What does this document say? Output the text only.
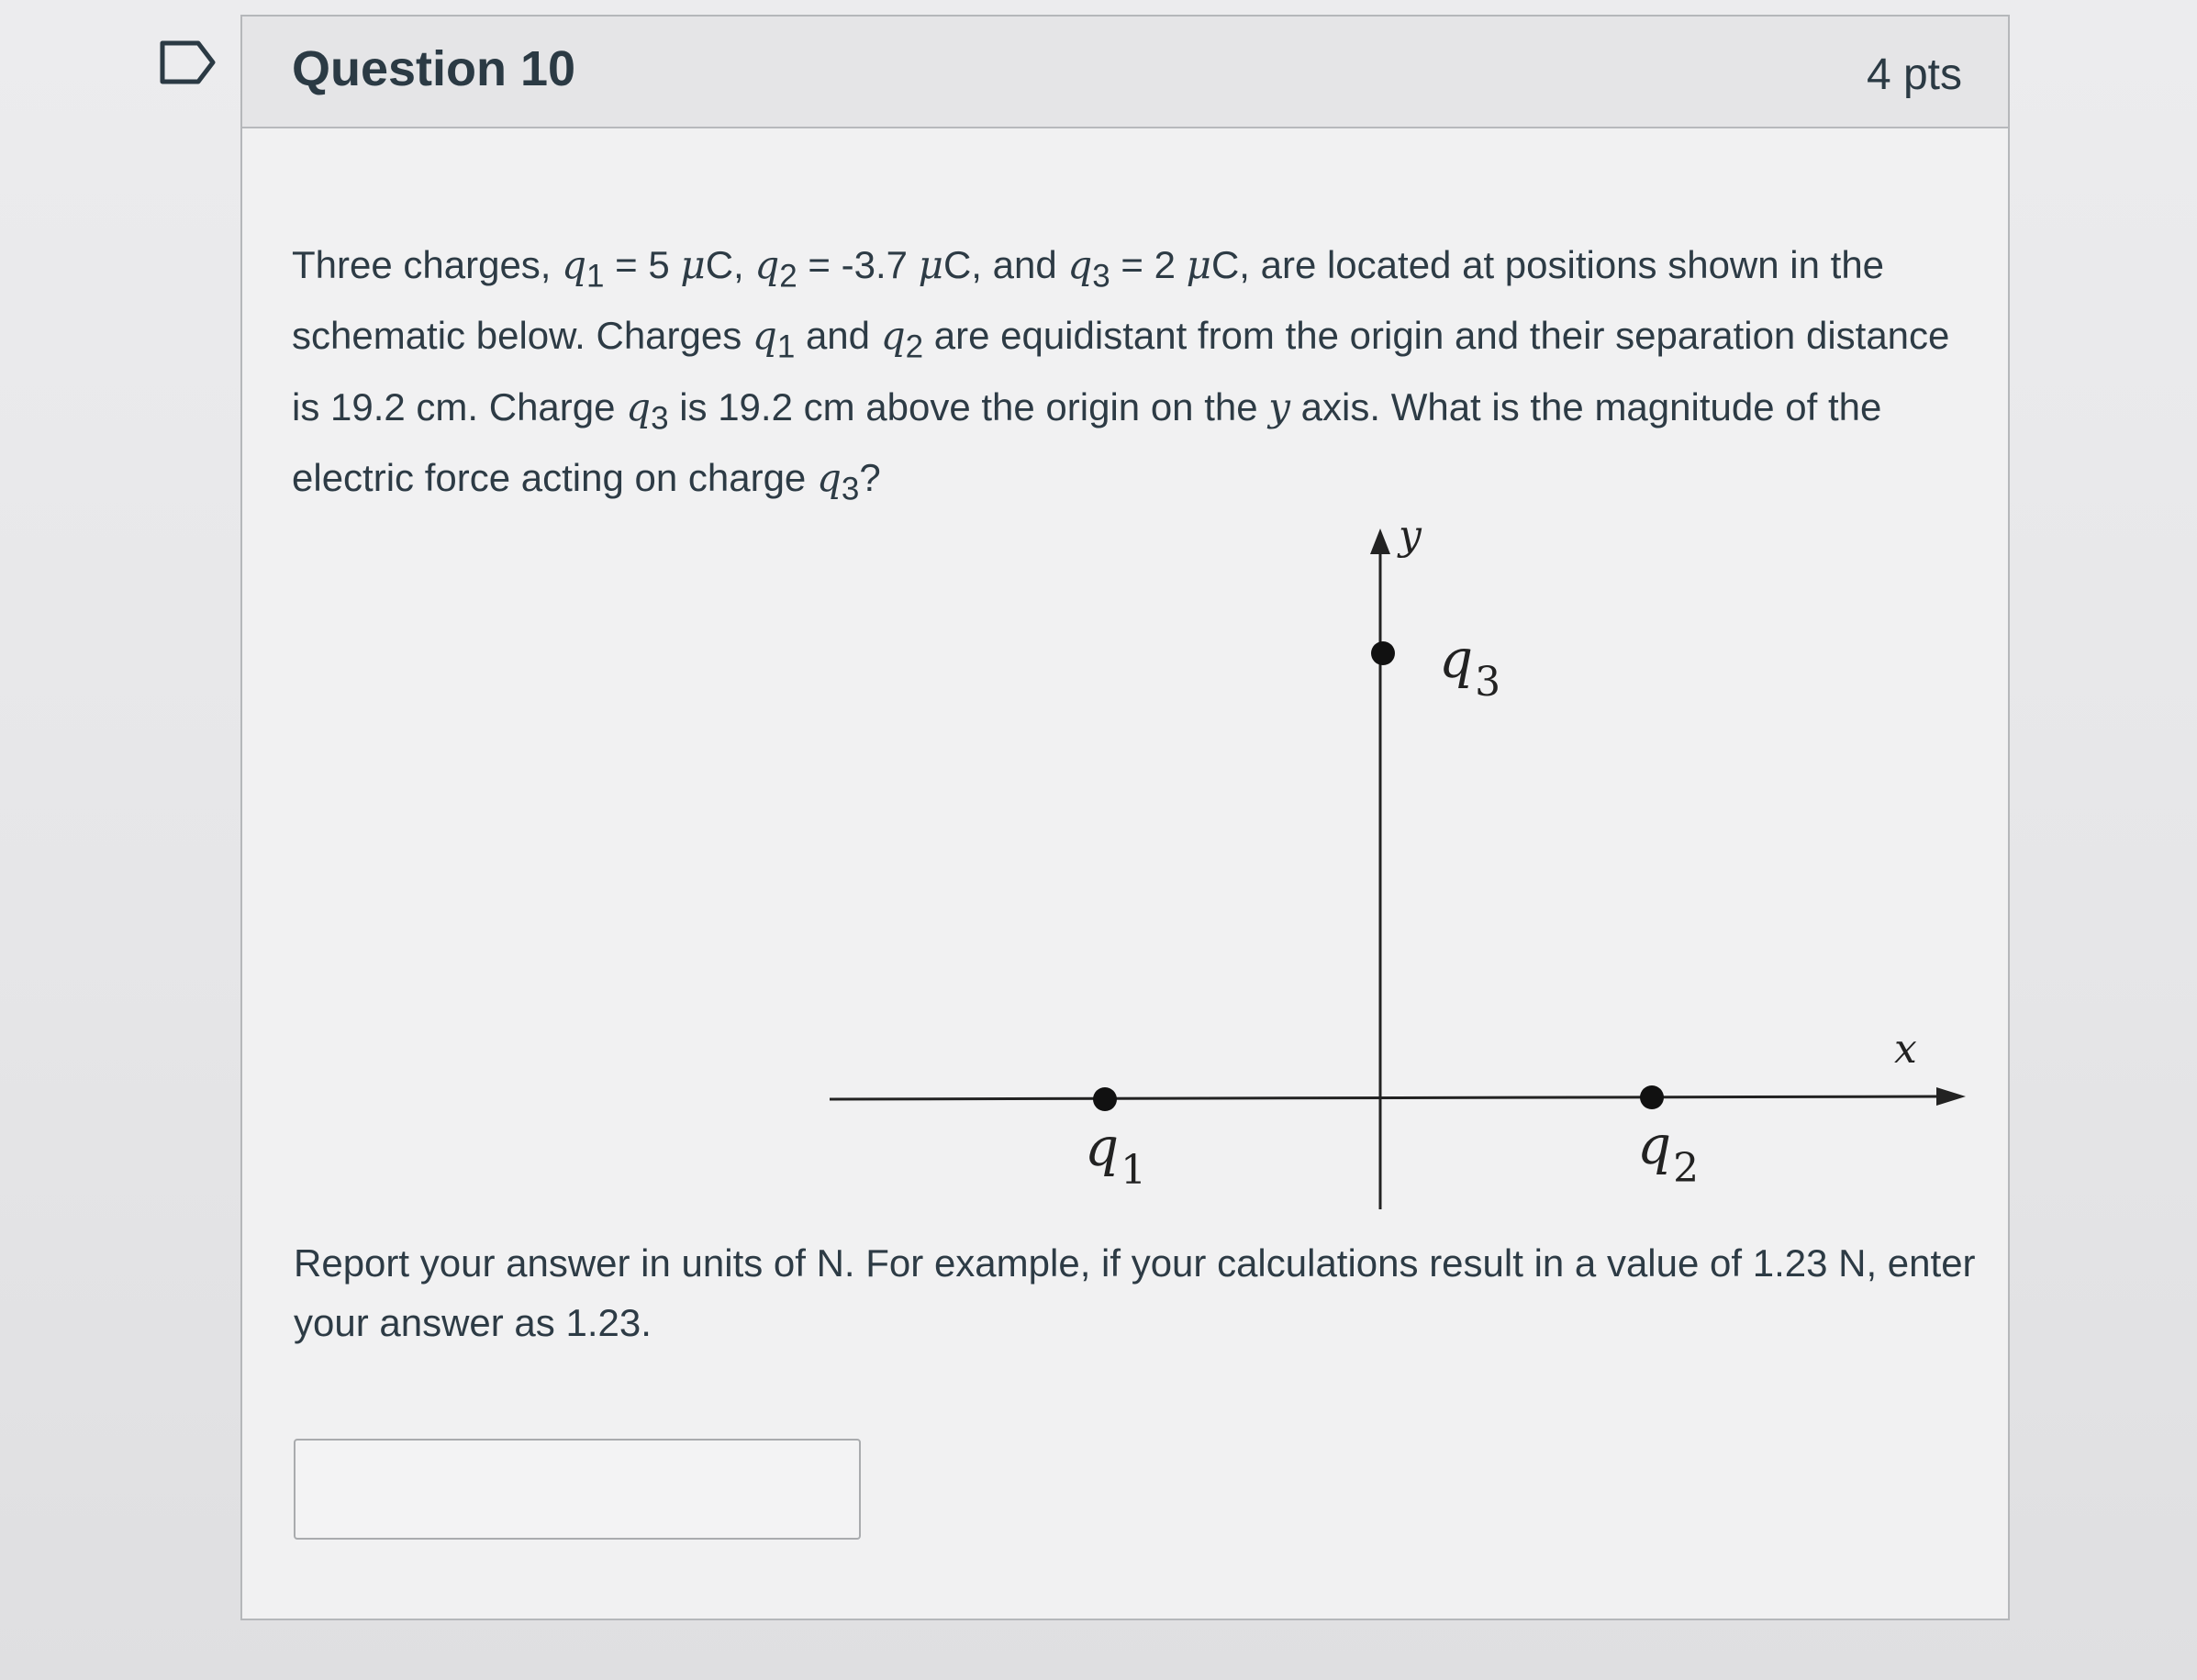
Question 10	4 pts

Three charges, $q_1 = 5$ μC, $q_2 = -3.7$ μC, and $q_3 = 2$ μC, are located at positions shown in the schematic below. Charges $q_1$ and $q_2$ are equidistant from the origin and their separation distance is 19.2 cm. Charge $q_3$ is 19.2 cm above the origin on the y axis. What is the magnitude of the electric force acting on charge $q_3$?

y
x
$q_1$	$q_2$
$q_3$

Report your answer in units of N. For example, if your calculations result in a value of 1.23 N, enter your answer as 1.23.
